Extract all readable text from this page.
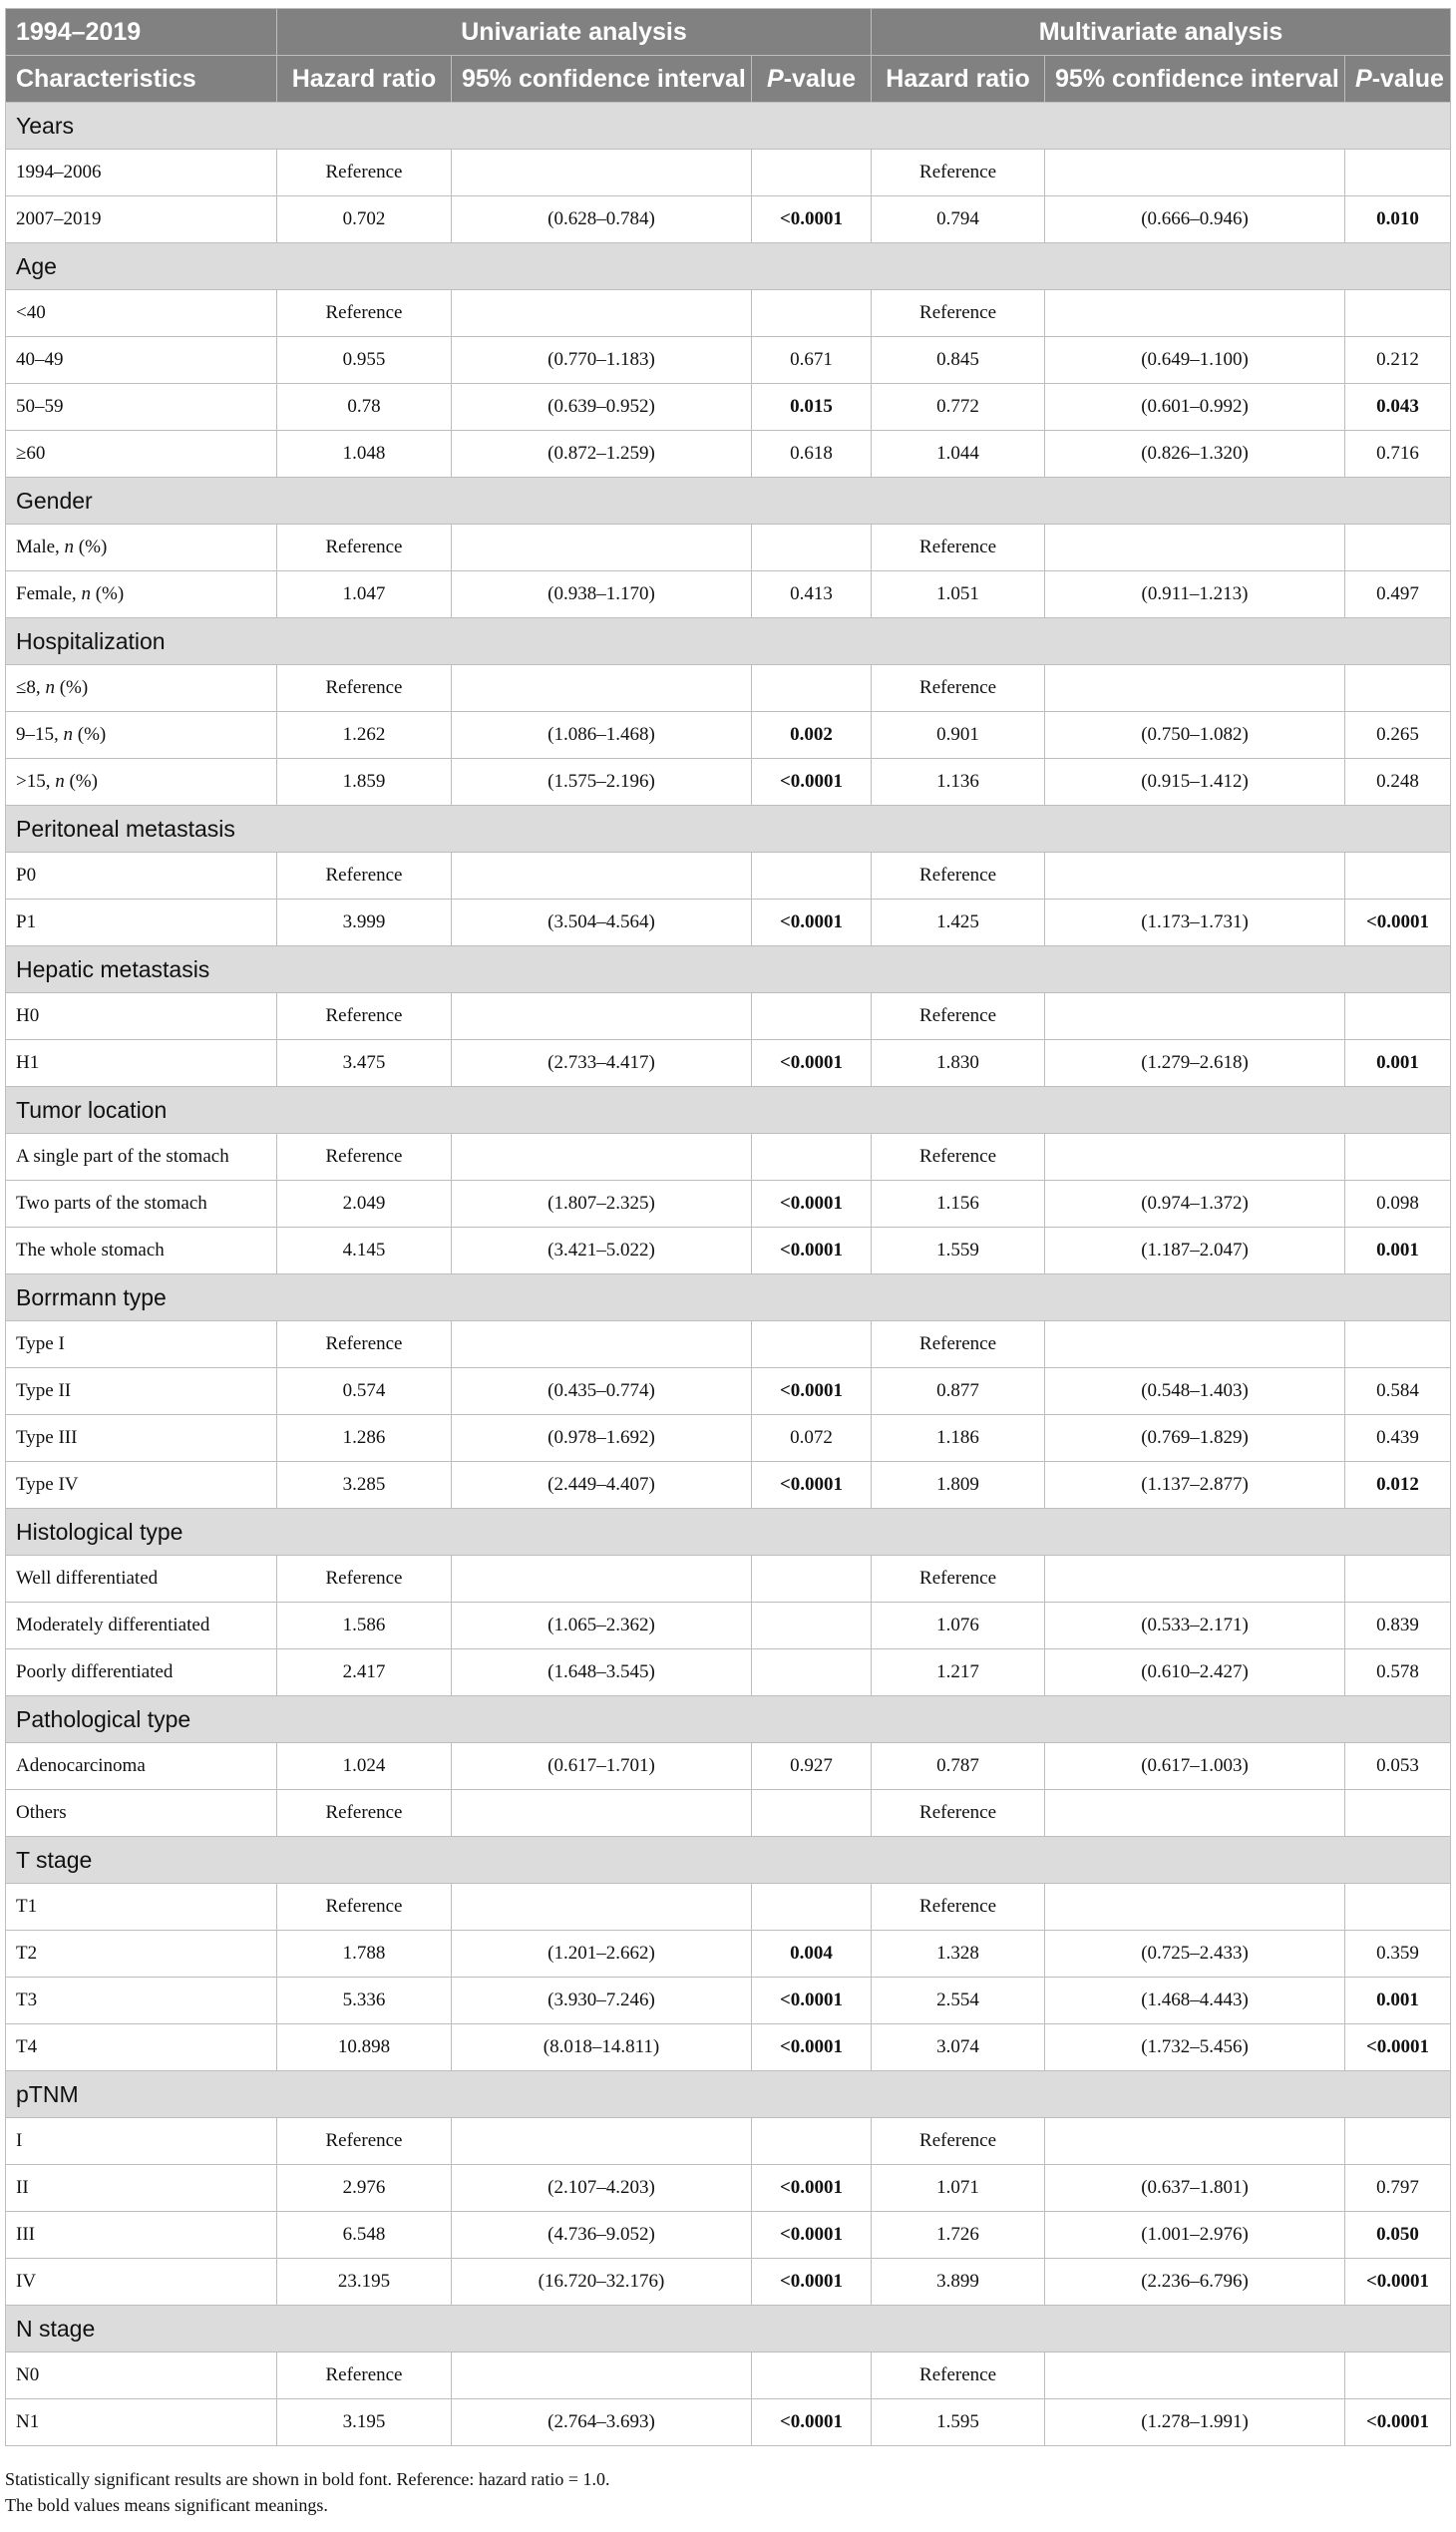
1994–2019	Univariate analysis			Multivariate analysis		
Characteristics	Hazard ratio	95% confidence interval	P-value	Hazard ratio	95% confidence interval	P-value
Years						
1994–2006	Reference			Reference		
2007–2019	0.702	(0.628–0.784)	<0.0001	0.794	(0.666–0.946)	0.010
Age						
<40	Reference			Reference		
40–49	0.955	(0.770–1.183)	0.671	0.845	(0.649–1.100)	0.212
50–59	0.78	(0.639–0.952)	0.015	0.772	(0.601–0.992)	0.043
≥60	1.048	(0.872–1.259)	0.618	1.044	(0.826–1.320)	0.716
Gender						
Male, n (%)	Reference			Reference		
Female, n (%)	1.047	(0.938–1.170)	0.413	1.051	(0.911–1.213)	0.497
Hospitalization						
≤8, n (%)	Reference			Reference		
9–15, n (%)	1.262	(1.086–1.468)	0.002	0.901	(0.750–1.082)	0.265
>15, n (%)	1.859	(1.575–2.196)	<0.0001	1.136	(0.915–1.412)	0.248
Peritoneal metastasis						
P0	Reference			Reference		
P1	3.999	(3.504–4.564)	<0.0001	1.425	(1.173–1.731)	<0.0001
Hepatic metastasis						
H0	Reference			Reference		
H1	3.475	(2.733–4.417)	<0.0001	1.830	(1.279–2.618)	0.001
Tumor location						
A single part of the stomach	Reference			Reference		
Two parts of the stomach	2.049	(1.807–2.325)	<0.0001	1.156	(0.974–1.372)	0.098
The whole stomach	4.145	(3.421–5.022)	<0.0001	1.559	(1.187–2.047)	0.001
Borrmann type						
Type I	Reference			Reference		
Type II	0.574	(0.435–0.774)	<0.0001	0.877	(0.548–1.403)	0.584
Type III	1.286	(0.978–1.692)	0.072	1.186	(0.769–1.829)	0.439
Type IV	3.285	(2.449–4.407)	<0.0001	1.809	(1.137–2.877)	0.012
Histological type						
Well differentiated	Reference			Reference		
Moderately differentiated	1.586	(1.065–2.362)		1.076	(0.533–2.171)	0.839
Poorly differentiated	2.417	(1.648–3.545)		1.217	(0.610–2.427)	0.578
Pathological type						
Adenocarcinoma	1.024	(0.617–1.701)	0.927	0.787	(0.617–1.003)	0.053
Others	Reference			Reference		
T stage						
T1	Reference			Reference		
T2	1.788	(1.201–2.662)	0.004	1.328	(0.725–2.433)	0.359
T3	5.336	(3.930–7.246)	<0.0001	2.554	(1.468–4.443)	0.001
T4	10.898	(8.018–14.811)	<0.0001	3.074	(1.732–5.456)	<0.0001
pTNM						
I	Reference			Reference		
II	2.976	(2.107–4.203)	<0.0001	1.071	(0.637–1.801)	0.797
III	6.548	(4.736–9.052)	<0.0001	1.726	(1.001–2.976)	0.050
IV	23.195	(16.720–32.176)	<0.0001	3.899	(2.236–6.796)	<0.0001
N stage						
N0	Reference			Reference		
N1	3.195	(2.764–3.693)	<0.0001	1.595	(1.278–1.991)	<0.0001
Statistically significant results are shown in bold font. Reference: hazard ratio = 1.0.
The bold values means significant meanings.
